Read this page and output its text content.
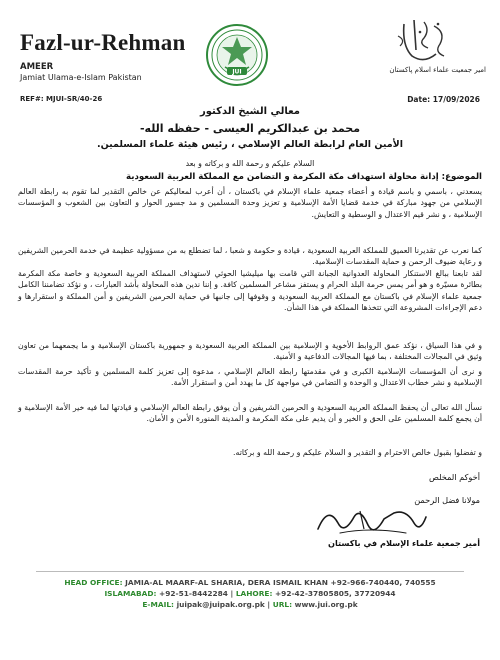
Fazl-ur-Rehman
AMEER
Jamiat Ulama-e-Islam Pakistan
JUI	امیر جمعیت علماء اسلام پاکستان
REF#: MJUI-SR/40-26	Date: 17/09/2026
معالي الشيخ الدكتور
محمد بن عبدالكريم العيسى - حفظه الله-
الأمين العام لرابطة العالم الإسلامي ، رئيس هيئة علماء المسلمين.
السلام عليكم و رحمة الله و بركاته و بعد
الموضوع: إدانة محاولة استهداف مكة المكرمة و التضامن مع المملكة العربية السعودية
يسعدني ، باسمي و باسم قيادة و أعضاء جمعية علماء الإسلام في باكستان ، أن أعرب لمعاليكم عن خالص التقدير لما تقوم به رابطة العالم الإسلامي من جهود مباركة في خدمة قضايا الأمة الإسلامية و تعزيز وحدة المسلمين و مد جسور الحوار و التعاون بين الشعوب و المؤسسات الإسلامية ، و نشر قيم الاعتدال و الوسطية و التعايش.
كما نعرب عن تقديرنا العميق للمملكة العربية السعودية ، قيادة و حكومة و شعبا ، لما تضطلع به من مسؤولية عظيمة في خدمة الحرمين الشريفين و رعاية ضيوف الرحمن و حماية المقدسات الإسلامية.
لقد تابعنا ببالغ الاستنكار المحاولة العدوانية الجبانة التي قامت بها ميليشيا الحوثي لاستهداف المملكة العربية السعودية و خاصة مكة المكرمة بطائرة مسيّرة و هو أمر يمس حرمة البلد الحرام و يستفز مشاعر المسلمين كافة. و إننا ندين هذه المحاولة بأشد العبارات ، و نؤكد تضامننا الكامل جمعية علماء الإسلام في باكستان مع المملكة العربية السعودية و وقوفها إلى جانبها في حماية الحرمين الشريفين و أمن المملكة و استقرارها و دعم الإجراءات المشروعة التي تتخذها المملكة في هذا الشأن.
و في هذا السياق ، نؤكد عمق الروابط الأخوية و الإسلامية بين المملكة العربية السعودية و جمهورية باكستان الإسلامية و ما يجمعهما من تعاون وثيق في المجالات المختلفة ، بما فيها المجالات الدفاعية و الأمنية.
و نرى أن المؤسسات الإسلامية الكبرى و في مقدمتها رابطة العالم الإسلامي ، مدعوة إلى تعزيز كلمة المسلمين و تأكيد حرمة المقدسات الإسلامية و نشر خطاب الاعتدال و الوحدة و التضامن في مواجهة كل ما يهدد أمن و استقرار الأمة.
نسأل الله تعالى أن يحفظ المملكة العربية السعودية و الحرمين الشريفين و أن يوفق رابطة العالم الإسلامي و قيادتها لما فيه خير الأمة الإسلامية و أن يجمع كلمة المسلمين على الحق و الخير و أن يديم على مكة المكرمة و المدينة المنورة الأمن و الأمان.
و تفضلوا بقبول خالص الاحترام و التقدير و السلام عليكم و رحمة الله و بركاته.
أخوكم المخلص
مولانا فضل الرحمن
أمير جمعية علماء الإسلام في باكستان
HEAD OFFICE: JAMIA-AL MAARF-AL SHARIA, DERA ISMAIL KHAN +92-966-740440, 740555
ISLAMABAD: +92-51-8442284 | LAHORE: +92-42-37805805, 37720944
E-MAIL: juipak@juipak.org.pk | URL: www.jui.org.pk
